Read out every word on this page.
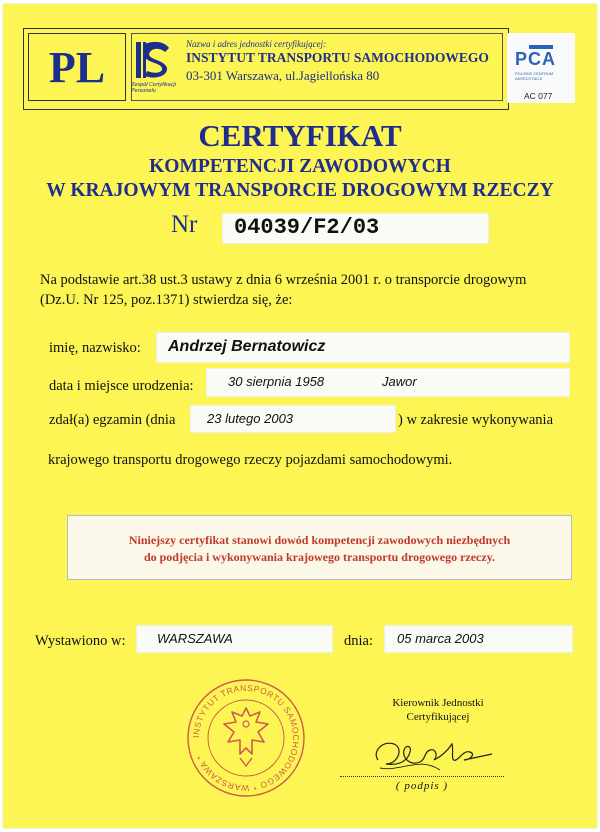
PL	Zespół Certyfikacji Personelu
Nazwa i adres jednostki certyfikującej:
INSTYTUT TRANSPORTU SAMOCHODOWEGO
03-301 Warszawa, ul.Jagiellońska 80
PCA
POLSKIE CENTRUM AKREDYTACJI
AC 077
CERTYFIKAT
KOMPETENCJI ZAWODOWYCH
W KRAJOWYM TRANSPORCIE DROGOWYM RZECZY
Nr 04039/F2/03
Na podstawie art.38 ust.3 ustawy z dnia 6 września 2001 r. o transporcie drogowym
(Dz.U. Nr 125, poz.1371) stwierdza się, że:
imię, nazwisko: Andrzej Bernatowicz
data i miejsce urodzenia:	30 sierpnia 1958	Jawor
zdał(a) egzamin (dnia 23 lutego 2003	) w zakresie wykonywania
krajowego transportu drogowego rzeczy pojazdami samochodowymi.
Niniejszy certyfikat stanowi dowód kompetencji zawodowych niezbędnych
do podjęcia i wykonywania krajowego transportu drogowego rzeczy.
Wystawiono w: WARSZAWA	dnia: 05 marca 2003
INSTYTUT TRANSPORTU SAMOCHODOWEGO * WARSZAWA *
Kierownik Jednostki
Certyfikującej
( podpis )
